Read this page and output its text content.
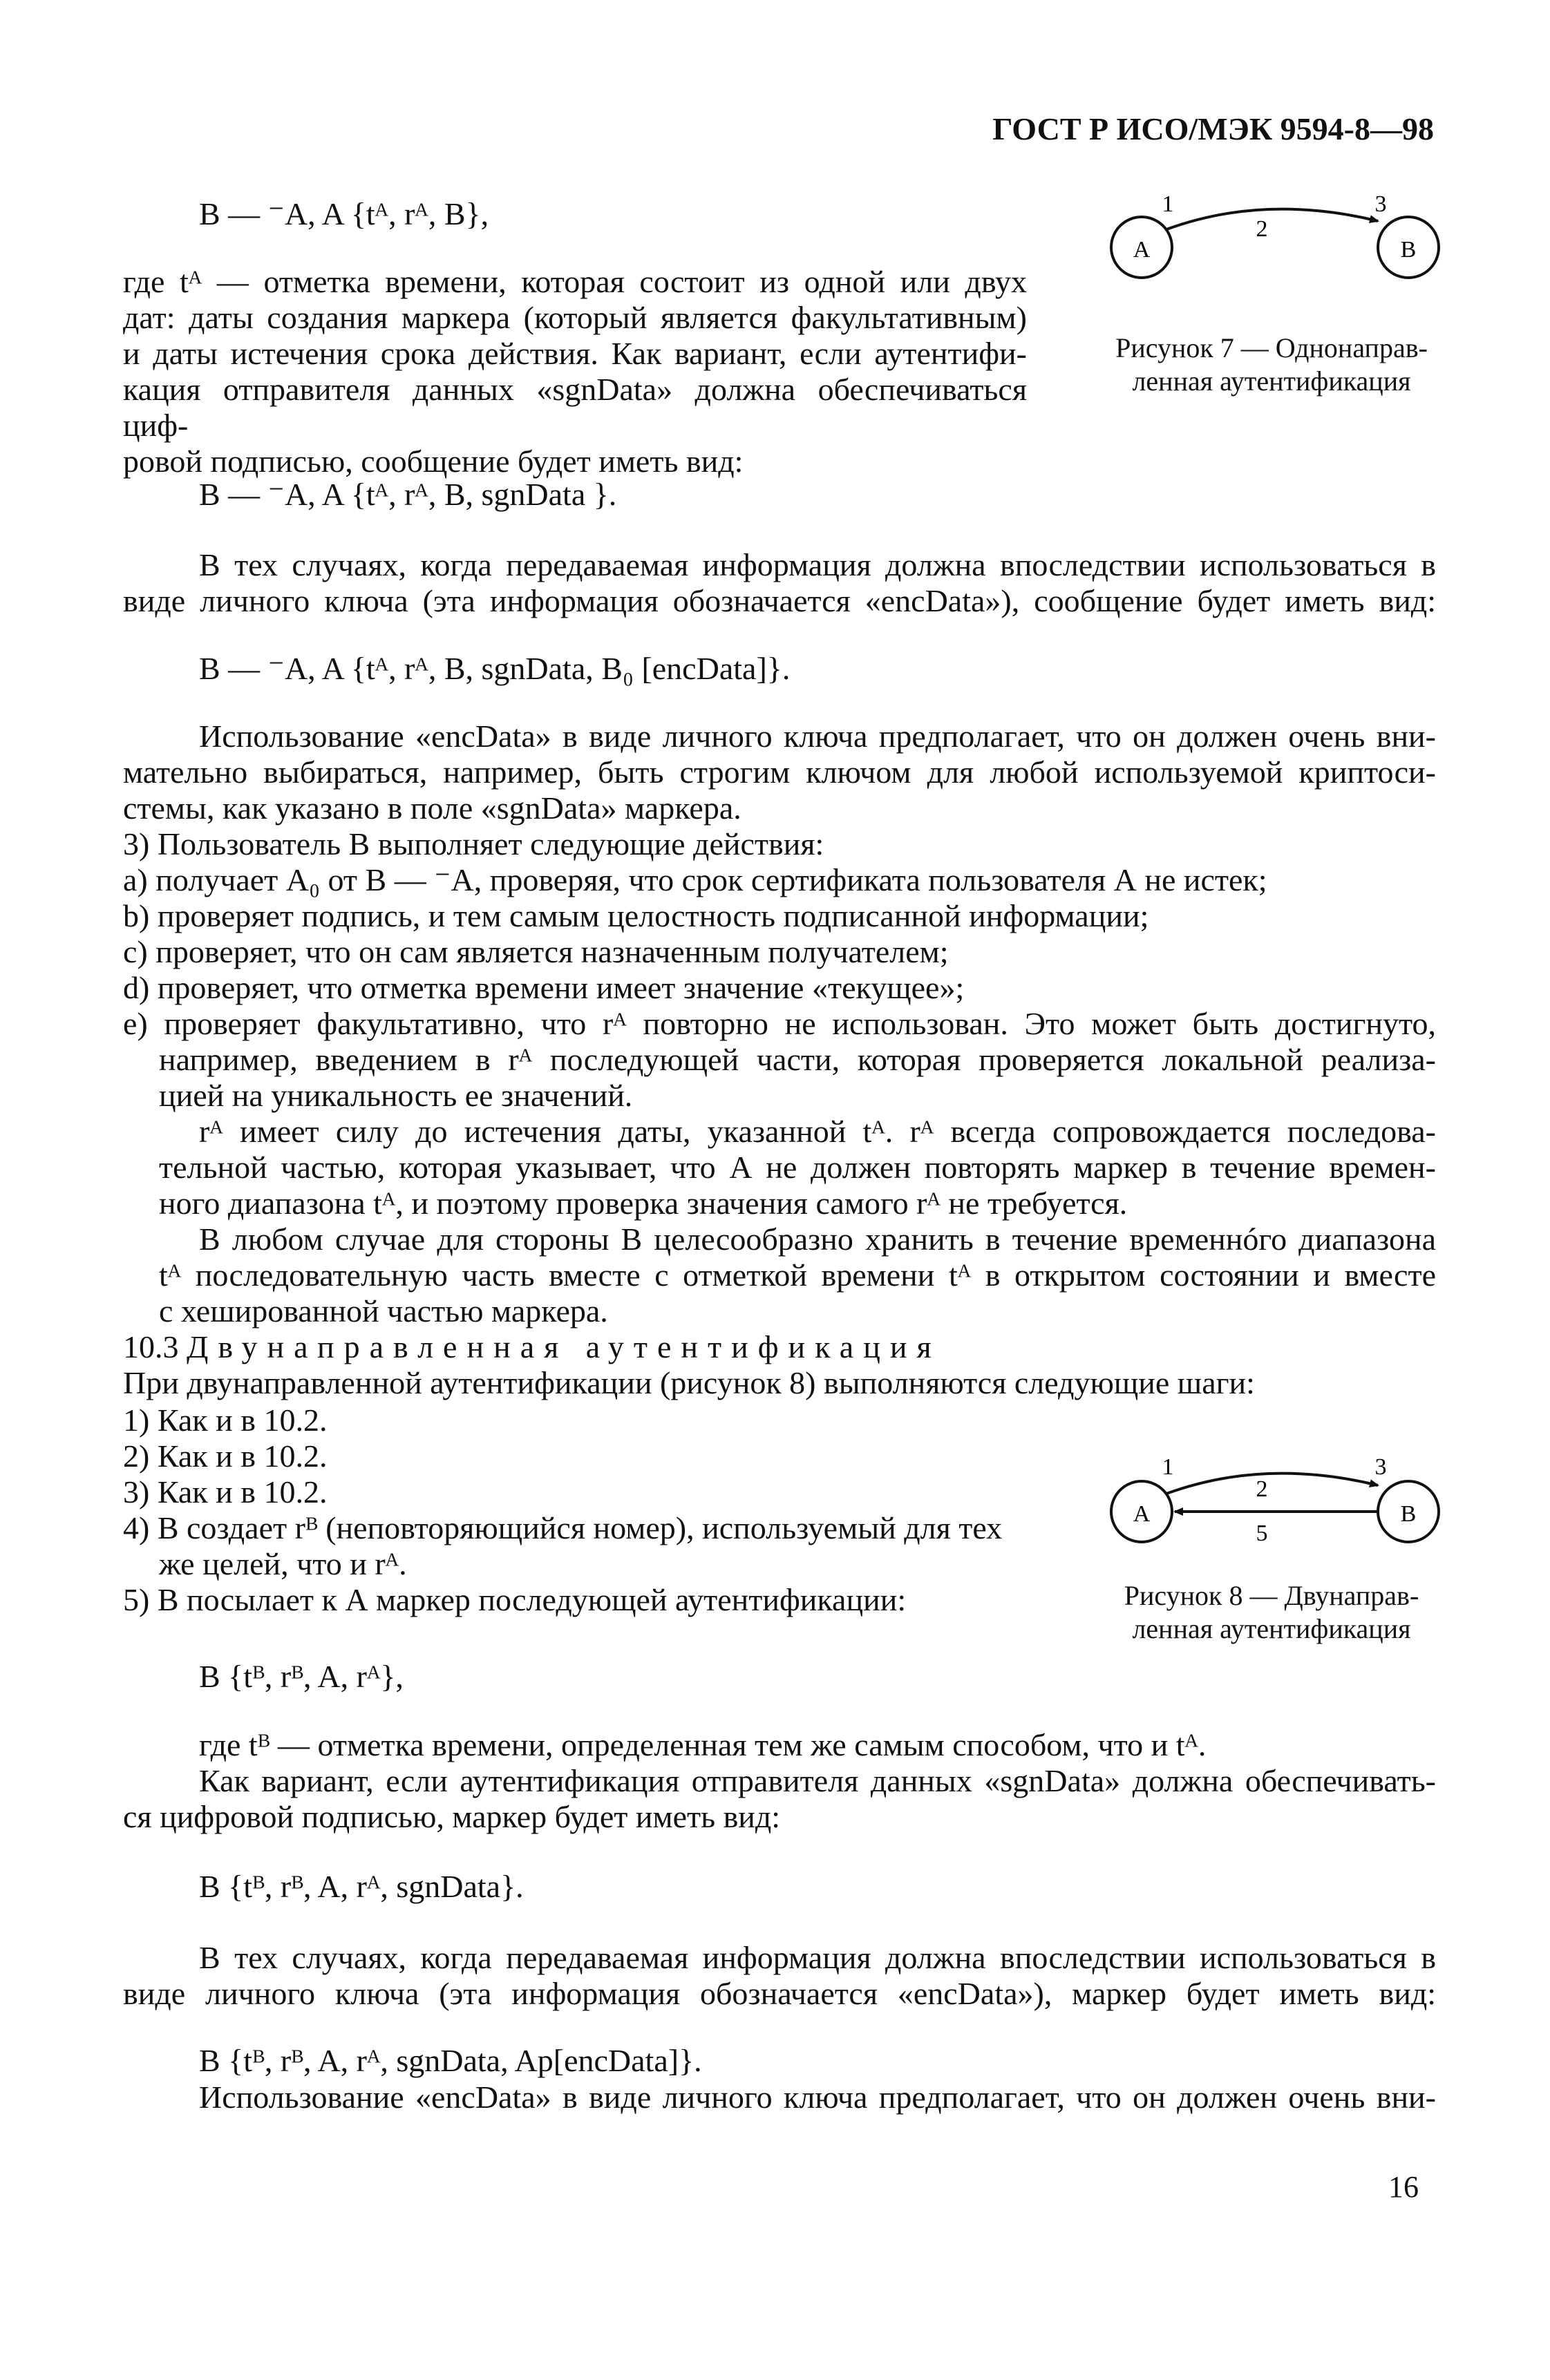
ГОСТ Р ИСО/МЭК 9594-8—98
B — ⁻A, A {tᴬ, rᴬ, B},
где tᴬ — отметка времени, которая состоит из одной или двух
дат: даты создания маркера (который является факультативным)
и даты истечения срока действия. Как вариант, если аутентифи-
кация отправителя данных «sgnData» должна обеспечиваться циф-
ровой подписью, сообщение будет иметь вид:
A	B
1
2
3
Рисунок 7 — Однонаправ-
ленная аутентификация
B — ⁻A, A {tᴬ, rᴬ, B, sgnData }.
В тех случаях, когда передаваемая информация должна впоследствии использоваться в
виде личного ключа (эта информация обозначается «encData»), сообщение будет иметь вид:
B — ⁻A, A {tᴬ, rᴬ, B, sgnData, B₀ [encData]}.
Использование «encData» в виде личного ключа предполагает, что он должен очень вни-
мательно выбираться, например, быть строгим ключом для любой используемой криптоси-
стемы, как указано в поле «sgnData» маркера.
3) Пользователь В выполняет следующие действия:
а) получает A₀ от B — ⁻A, проверяя, что срок сертификата пользователя А не истек;
b) проверяет подпись, и тем самым целостность подписанной информации;
с) проверяет, что он сам является назначенным получателем;
d) проверяет, что отметка времени имеет значение «текущее»;
е) проверяет факультативно, что rᴬ повторно не использован. Это может быть достигнуто,
например, введением в rᴬ последующей части, которая проверяется локальной реализа-
цией на уникальность ее значений.
rᴬ имеет силу до истечения даты, указанной tᴬ. rᴬ всегда сопровождается последова-
тельной частью, которая указывает, что А не должен повторять маркер в течение времен-
ного диапазона tᴬ, и поэтому проверка значения самого rᴬ не требуется.
В любом случае для стороны В целесообразно хранить в течение временнóго диапазона
tᴬ последовательную часть вместе с отметкой времени tᴬ в открытом состоянии и вместе
с хешированной частью маркера.
10.3 Двунаправленная аутентификация
При двунаправленной аутентификации (рисунок 8) выполняются следующие шаги:
1) Как и в 10.2.
2) Как и в 10.2.
3) Как и в 10.2.
4) В создает rᴮ (неповторяющийся номер), используемый для тех
же целей, что и rᴬ.
5) В посылает к А маркер последующей аутентификации:
A	B
1
2
3
5
Рисунок 8 — Двунаправ-
ленная аутентификация
B {tᴮ, rᴮ, A, rᴬ},
где tᴮ — отметка времени, определенная тем же самым способом, что и tᴬ.
Как вариант, если аутентификация отправителя данных «sgnData» должна обеспечивать-
ся цифровой подписью, маркер будет иметь вид:
B {tᴮ, rᴮ, A, rᴬ, sgnData}.
В тех случаях, когда передаваемая информация должна впоследствии использоваться в
виде личного ключа (эта информация обозначается «encData»), маркер будет иметь вид:
B {tᴮ, rᴮ, A, rᴬ, sgnData, Ap[encData]}.
Использование «encData» в виде личного ключа предполагает, что он должен очень вни-
16
